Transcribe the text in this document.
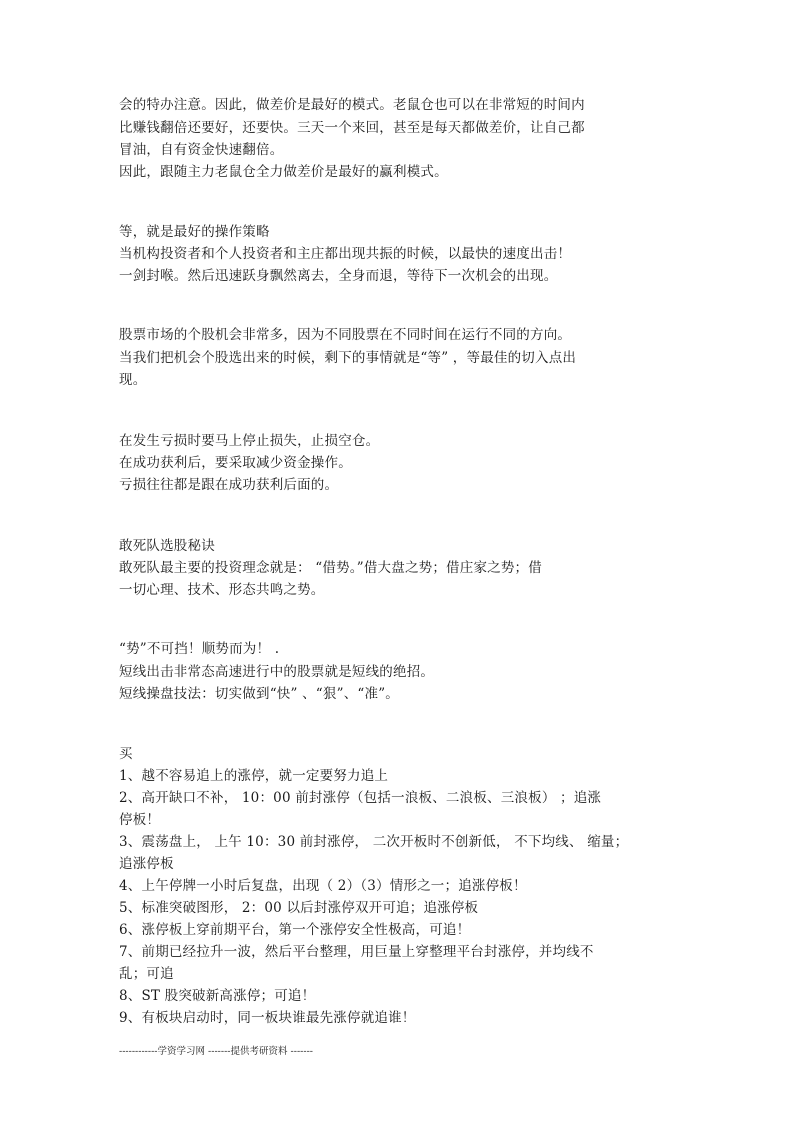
会的特办注意。因此，做差价是最好的模式。老鼠仓也可以在非常短的时间内
比赚钱翻倍还要好，还要快。三天一个来回，甚至是每天都做差价，让自己都
冒油，自有资金快速翻倍。
因此，跟随主力老鼠仓全力做差价是最好的赢利模式。
等，就是最好的操作策略
当机构投资者和个人投资者和主庄都出现共振的时候，以最快的速度出击！
一剑封喉。然后迅速跃身飘然离去，全身而退，等待下一次机会的出现。
股票市场的个股机会非常多，因为不同股票在不同时间在运行不同的方向。
当我们把机会个股选出来的时候，剩下的事情就是“等” ，等最佳的切入点出
现。
在发生亏损时要马上停止损失，止损空仓。
在成功获利后，要采取减少资金操作。
亏损往往都是跟在成功获利后面的。
敢死队选股秘诀
敢死队最主要的投资理念就是： “借势。”借大盘之势；借庄家之势；借
一切心理、技术、形态共鸣之势。
“势”不可挡！顺势而为！ .
短线出击非常态高速进行中的股票就是短线的绝招。
短线操盘技法：切实做到“快” 、“狠”、“准”。
买
1、越不容易追上的涨停，就一定要努力追上
2、高开缺口不补， 10：00 前封涨停（包括一浪板、二浪板、三浪板） ；追涨
停板！
3、震荡盘上， 上午 10：30 前封涨停， 二次开板时不创新低， 不下均线、 缩量；
追涨停板
4、上午停牌一小时后复盘，出现（ 2）（3）情形之一；追涨停板！
5、标准突破图形， 2：00 以后封涨停双开可追；追涨停板
6、涨停板上穿前期平台，第一个涨停安全性极高，可追！
7、前期已经拉升一波，然后平台整理，用巨量上穿整理平台封涨停，并均线不
乱；可追
8、ST 股突破新高涨停；可追！
9、有板块启动时，同一板块谁最先涨停就追谁！
------------学资学习网 -------提供考研资料 -------
